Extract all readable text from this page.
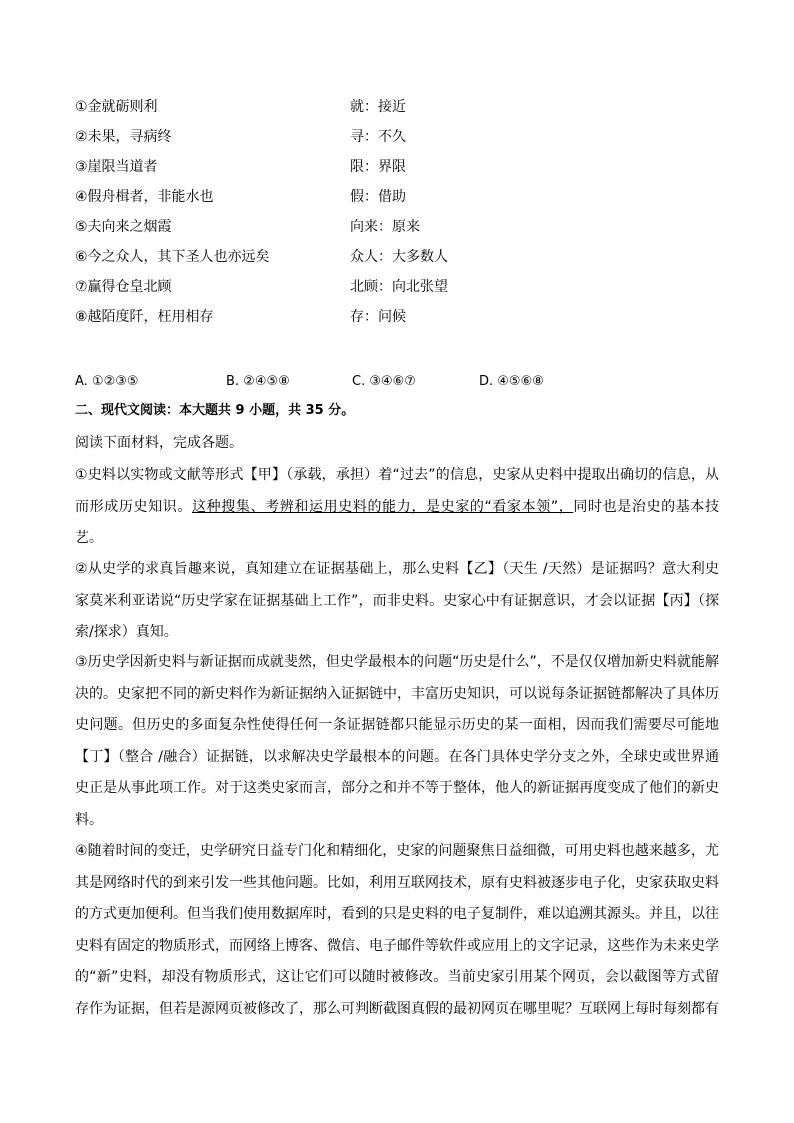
①金就砺则利	就：接近
②未果，寻病终	寻：不久
③崖限当道者	限：界限
④假舟楫者，非能水也	假：借助
⑤夫向来之烟霞	向来：原来
⑥今之众人，其下圣人也亦远矣	众人：大多数人
⑦赢得仓皇北顾	北顾：向北张望
⑧越陌度阡，枉用相存	存：问候
A. ①②③⑤	B. ②④⑤⑧	C. ③④⑥⑦	D. ④⑤⑥⑧
二、现代文阅读：本大题共 9 小题，共 35 分。
阅读下面材料，完成各题。
①史料以实物或文献等形式【甲】（承载，承担）着“过去”的信息，史家从史料中提取出确切的信息，从而形成历史知识。这种搜集、考辨和运用史料的能力，是史家的“看家本领”，同时也是治史的基本技艺。
②从史学的求真旨趣来说，真知建立在证据基础上，那么史料【乙】（天生 /天然）是证据吗？意大利史家莫米利亚诺说“历史学家在证据基础上工作”，而非史料。史家心中有证据意识，才会以证据【丙】（探索/探求）真知。
③历史学因新史料与新证据而成就斐然，但史学最根本的问题“历史是什么”，不是仅仅增加新史料就能解决的。史家把不同的新史料作为新证据纳入证据链中，丰富历史知识，可以说每条证据链都解决了具体历史问题。但历史的多面复杂性使得任何一条证据链都只能显示历史的某一面相，因而我们需要尽可能地【丁】（整合 /融合）证据链，以求解决史学最根本的问题。在各门具体史学分支之外，全球史或世界通史正是从事此项工作。对于这类史家而言，部分之和并不等于整体，他人的新证据再度变成了他们的新史料。
④随着时间的变迁，史学研究日益专门化和精细化，史家的问题聚焦日益细微，可用史料也越来越多，尤其是网络时代的到来引发一些其他问题。比如，利用互联网技术，原有史料被逐步电子化，史家获取史料的方式更加便利。但当我们使用数据库时，看到的只是史料的电子复制件，难以追溯其源头。并且，以往史料有固定的物质形式，而网络上博客、微信、电子邮件等软件或应用上的文字记录，这些作为未来史学的“新”史料，却没有物质形式，这让它们可以随时被修改。当前史家引用某个网页，会以截图等方式留存作为证据，但若是源网页被修改了，那么可判断截图真假的最初网页在哪里呢？互联网上每时每刻都有
